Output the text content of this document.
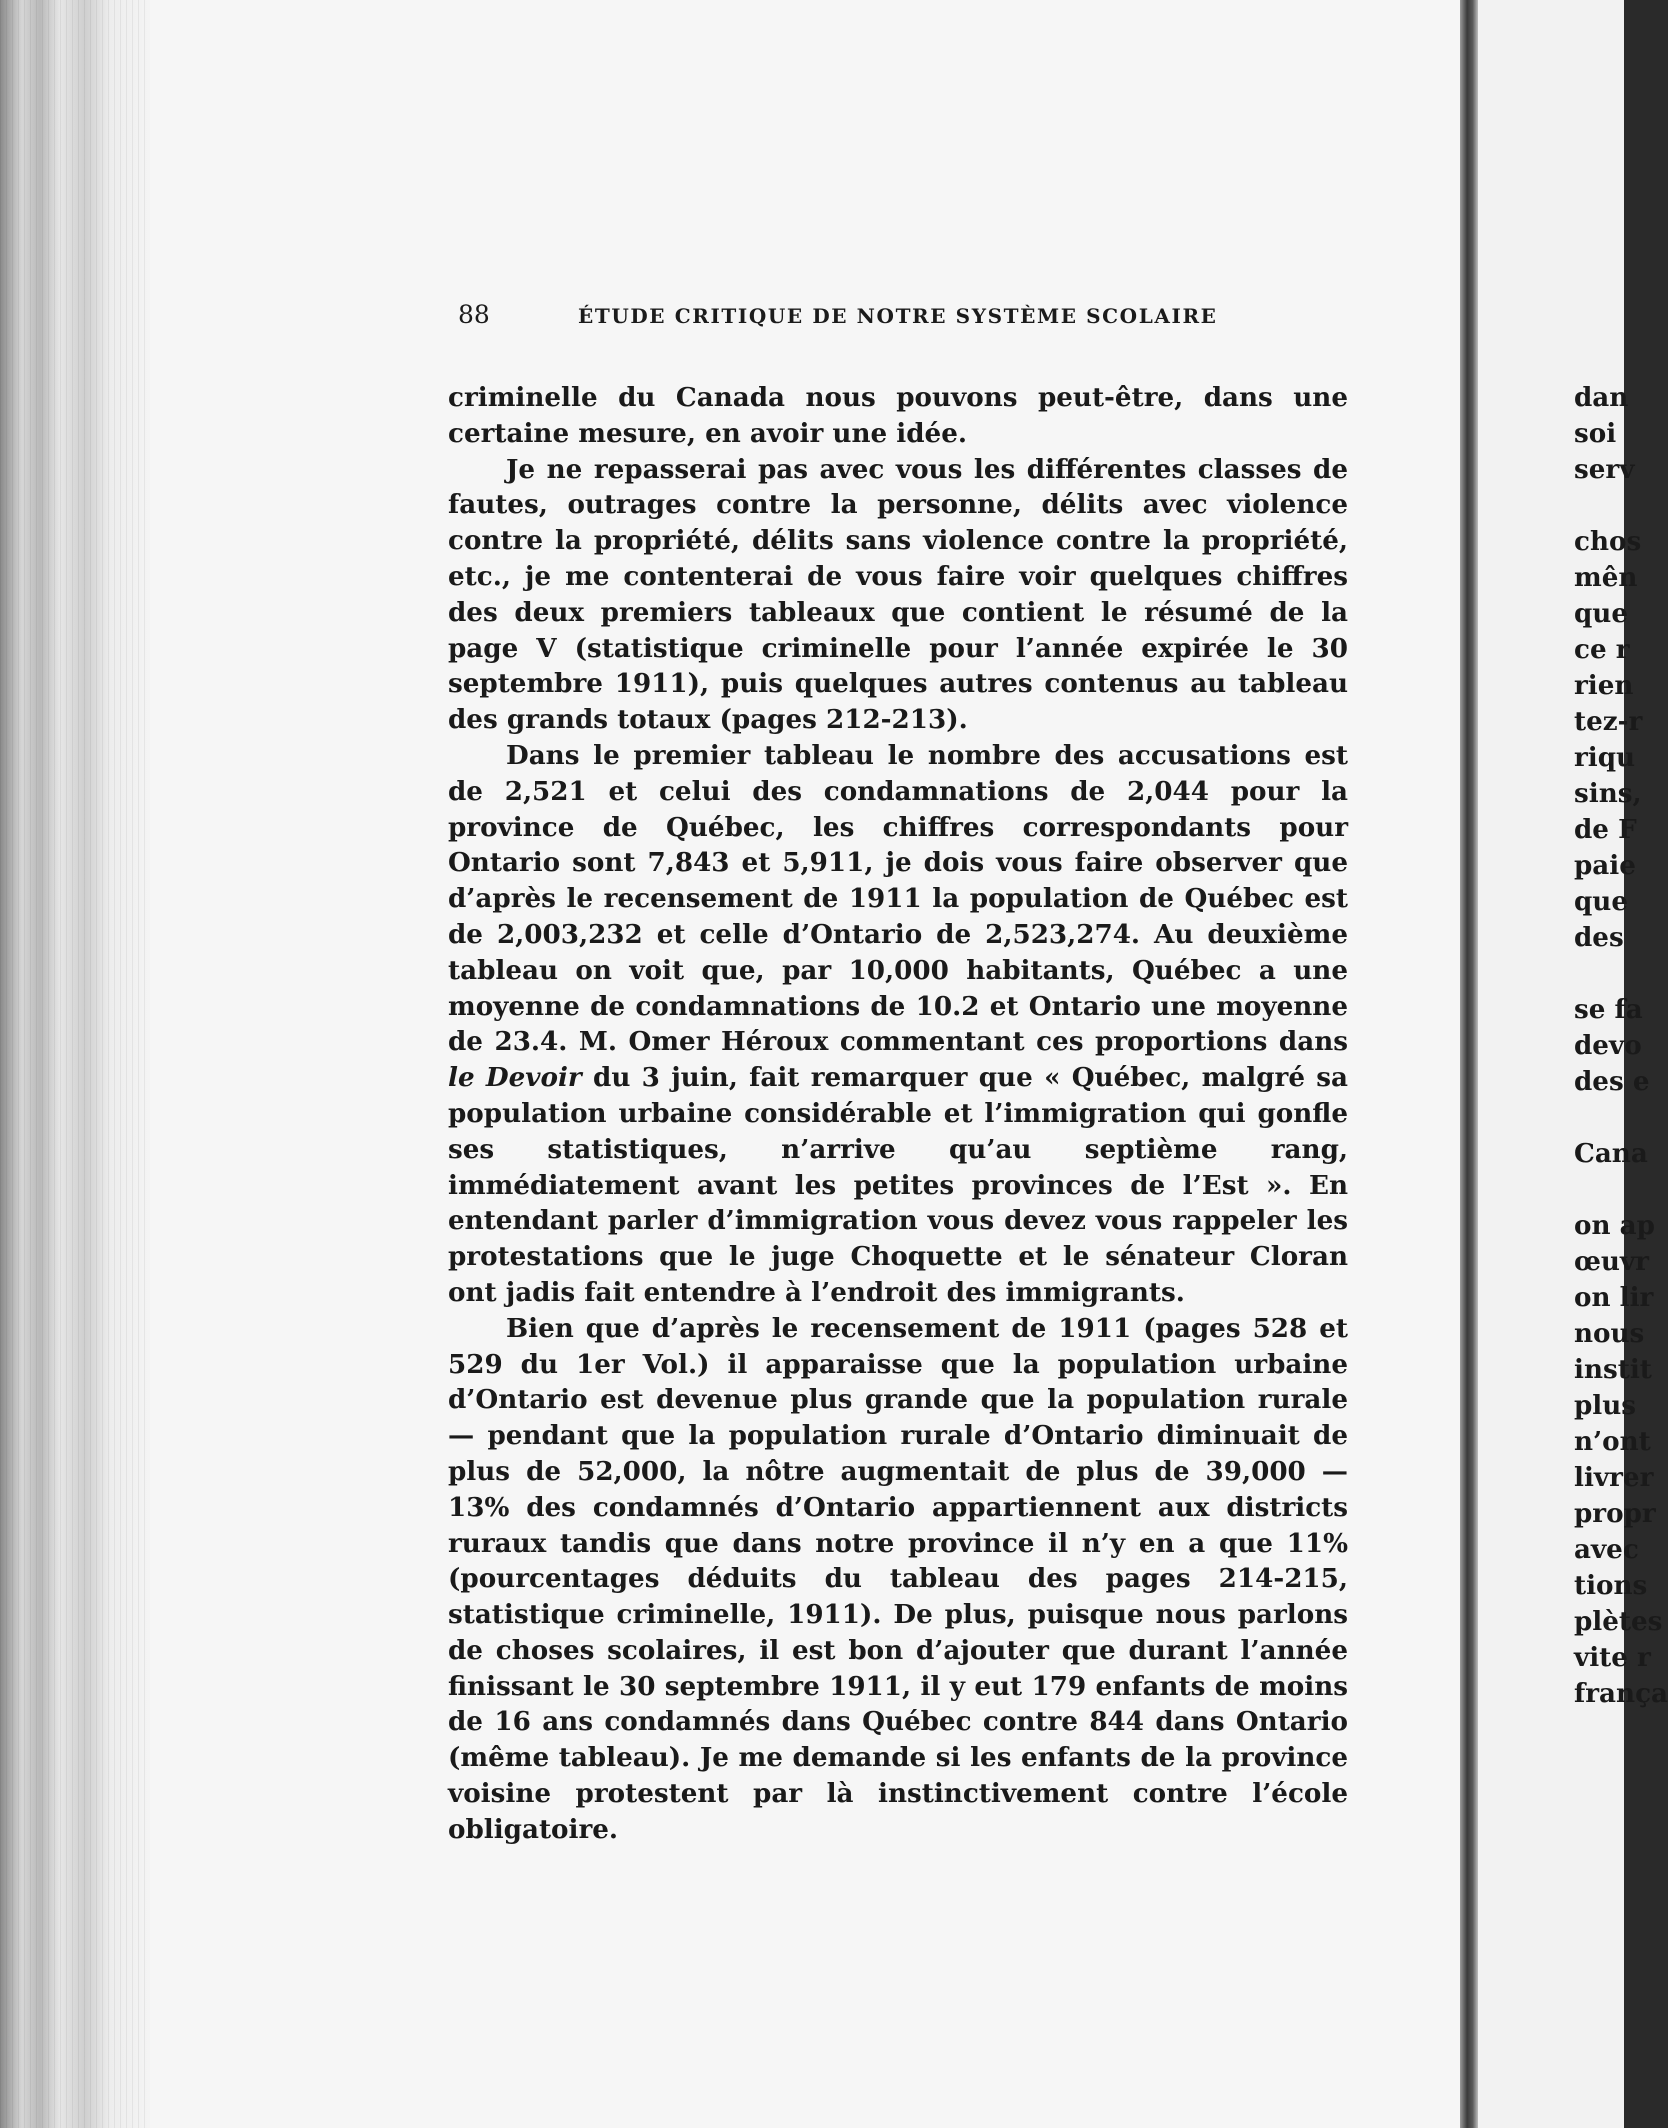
88	ÉTUDE CRITIQUE DE NOTRE SYSTÈME SCOLAIRE

criminelle du Canada nous pouvons peut-être, dans une certaine mesure, en avoir une idée.

Je ne repasserai pas avec vous les différentes classes de fautes, outrages contre la personne, délits avec violence contre la propriété, délits sans violence contre la propriété, etc., je me contenterai de vous faire voir quelques chiffres des deux premiers tableaux que contient le résumé de la page V (statistique criminelle pour l’année expirée le 30 septembre 1911), puis quelques autres contenus au tableau des grands totaux (pages 212-213).

Dans le premier tableau le nombre des accusations est de 2,521 et celui des condamnations de 2,044 pour la province de Québec, les chiffres correspondants pour Ontario sont 7,843 et 5,911, je dois vous faire observer que d’après le recensement de 1911 la population de Québec est de 2,003,232 et celle d’Ontario de 2,523,274. Au deuxième tableau on voit que, par 10,000 habitants, Québec a une moyenne de condamnations de 10.2 et Ontario une moyenne de 23.4. M. Omer Héroux commentant ces proportions dans le Devoir du 3 juin, fait remarquer que « Québec, malgré sa population urbaine considérable et l’immigration qui gonfle ses statistiques, n’arrive qu’au septième rang, immédiatement avant les petites provinces de l’Est ». En entendant parler d’immigration vous devez vous rappeler les protestations que le juge Choquette et le sénateur Cloran ont jadis fait entendre à l’endroit des immigrants.

Bien que d’après le recensement de 1911 (pages 528 et 529 du 1er Vol.) il apparaisse que la population urbaine d’Ontario est devenue plus grande que la population rurale — pendant que la population rurale d’Ontario diminuait de plus de 52,000, la nôtre augmentait de plus de 39,000 — 13% des condamnés d’Ontario appartiennent aux districts ruraux tandis que dans notre province il n’y en a que 11% (pourcentages déduits du tableau des pages 214-215, statistique criminelle, 1911). De plus, puisque nous parlons de choses scolaires, il est bon d’ajouter que durant l’année finissant le 30 septembre 1911, il y eut 179 enfants de moins de 16 ans condamnés dans Québec contre 844 dans Ontario (même tableau). Je me demande si les enfants de la province voisine protestent par là instinctivement contre l’école obligatoire.

dan
soi
serv
chos
mên
que
ce r
rien
tez-r
riqu
sins,
de F
paie
que
des
se fa
devo
des e
Cana
on ap
œuvr
on lir
nous
instit
plus
n’ont
livrer
propr
avec
tions
plètes
vite r
frança
